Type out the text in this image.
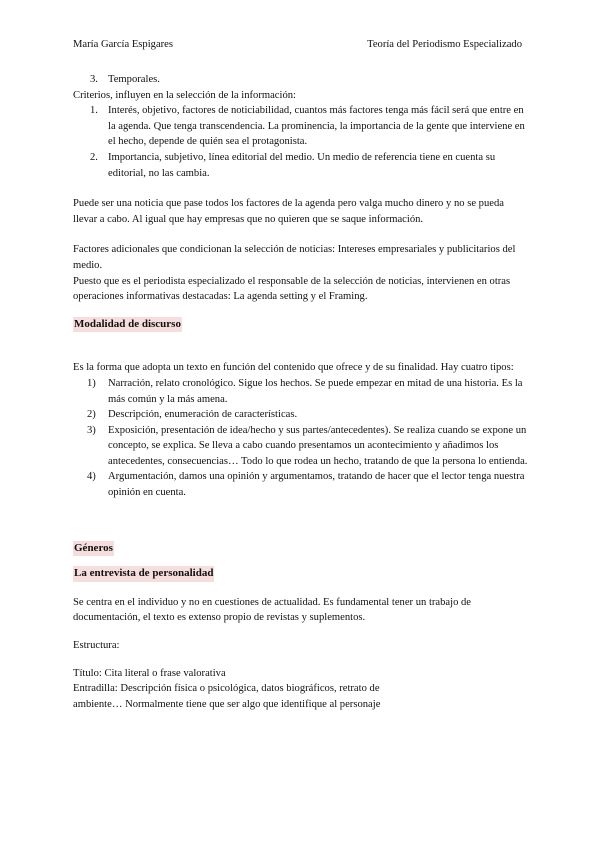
María García Espigares	Teoría del Periodismo Especializado
3. Temporales.
Criterios, influyen en la selección de la información:
1. Interés, objetivo, factores de noticiabilidad, cuantos más factores tenga más fácil será que entre en la agenda. Que tenga transcendencia. La prominencia, la importancia de la gente que interviene en el hecho, depende de quién sea el protagonista.
2. Importancia, subjetivo, línea editorial del medio. Un medio de referencia tiene en cuenta su editorial, no las cambia.
Puede ser una noticia que pase todos los factores de la agenda pero valga mucho dinero y no se pueda llevar a cabo. Al igual que hay empresas que no quieren que se saque información.
Factores adicionales que condicionan la selección de noticias: Intereses empresariales y publicitarios del medio.
Puesto que es el periodista especializado el responsable de la selección de noticias, intervienen en otras operaciones informativas destacadas: La agenda setting y el Framing.
Modalidad de discurso
Es la forma que adopta un texto en función del contenido que ofrece y de su finalidad. Hay cuatro tipos:
1) Narración, relato cronológico. Sigue los hechos. Se puede empezar en mitad de una historia. Es la más común y la más amena.
2) Descripción, enumeración de características.
3) Exposición, presentación de idea/hecho y sus partes/antecedentes). Se realiza cuando se expone un concepto, se explica. Se lleva a cabo cuando presentamos un acontecimiento y añadimos los antecedentes, consecuencias… Todo lo que rodea un hecho, tratando de que la persona lo entienda.
4) Argumentación, damos una opinión y argumentamos, tratando de hacer que el lector tenga nuestra opinión en cuenta.
Géneros
La entrevista de personalidad
Se centra en el individuo y no en cuestiones de actualidad. Es fundamental tener un trabajo de documentación, el texto es extenso propio de revistas y suplementos.
Estructura:
Título: Cita literal o frase valorativa
Entradilla: Descripción física o psicológica, datos biográficos, retrato de ambiente… Normalmente tiene que ser algo que identifique al personaje
